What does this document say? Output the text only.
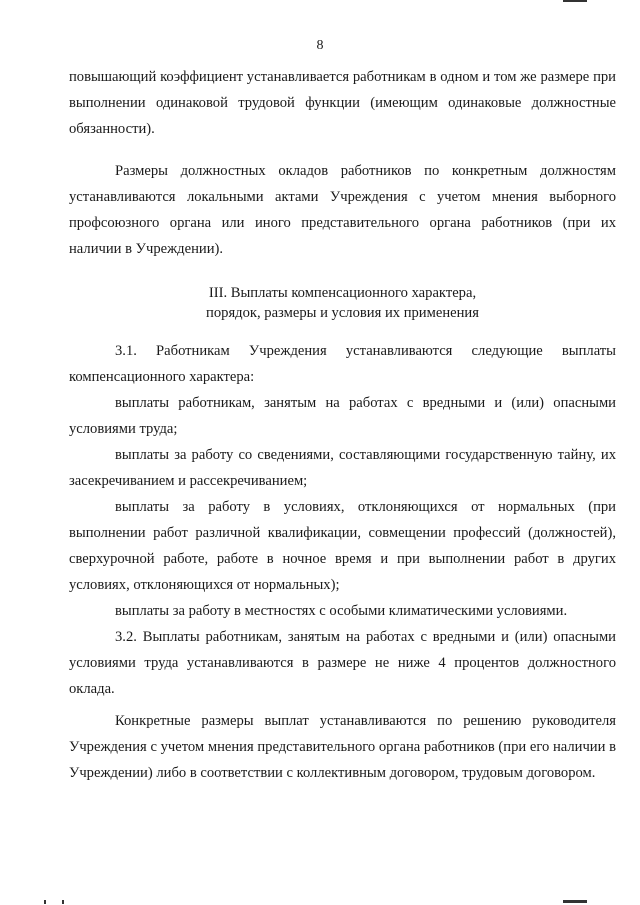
8

повышающий коэффициент устанавливается работникам в одном и том же размере при выполнении одинаковой трудовой функции (имеющим одинаковые должностные обязанности).

Размеры должностных окладов работников по конкретным должностям устанавливаются локальными актами Учреждения с учетом мнения выборного профсоюзного органа или иного представительного органа работников (при их наличии в Учреждении).

III. Выплаты компенсационного характера,

порядок, размеры и условия их применения

3.1. Работникам Учреждения устанавливаются следующие выплаты компенсационного характера:

выплаты работникам, занятым на работах с вредными и (или) опасными условиями труда;

выплаты за работу со сведениями, составляющими государственную тайну, их засекречиванием и рассекречиванием;

выплаты за работу в условиях, отклоняющихся от нормальных (при выполнении работ различной квалификации, совмещении профессий (должностей), сверхурочной работе, работе в ночное время и при выполнении работ в других условиях, отклоняющихся от нормальных);

выплаты за работу в местностях с особыми климатическими условиями.

3.2. Выплаты работникам, занятым на работах с вредными и (или) опасными условиями труда устанавливаются в размере не ниже 4 процентов должностного оклада.

Конкретные размеры выплат устанавливаются по решению руководителя Учреждения с учетом мнения представительного органа работников (при его наличии в Учреждении) либо в соответствии с коллективным договором, трудовым договором.
